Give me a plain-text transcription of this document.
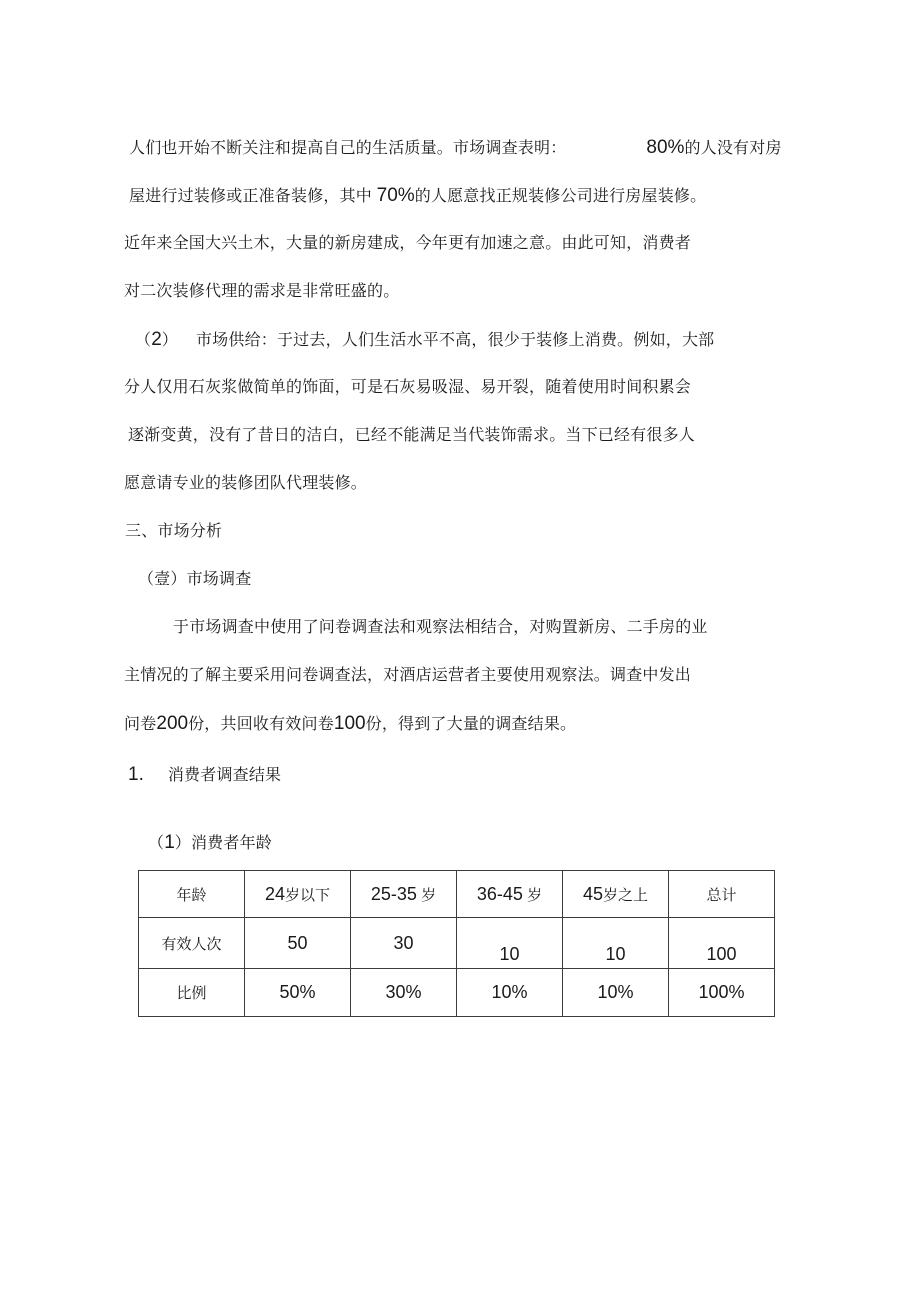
人们也开始不断关注和提高自己的生活质量。市场调查表明：	80%的人没有对房
屋进行过装修或正准备装修，其中 70%的人愿意找正规装修公司进行房屋装修。
近年来全国大兴土木，大量的新房建成，今年更有加速之意。由此可知，消费者
对二次装修代理的需求是非常旺盛的。
（2） 市场供给：于过去，人们生活水平不高，很少于装修上消费。例如，大部
分人仅用石灰浆做简单的饰面，可是石灰易吸湿、易开裂，随着使用时间积累会
逐渐变黄，没有了昔日的洁白，已经不能满足当代装饰需求。当下已经有很多人
愿意请专业的装修团队代理装修。
三、市场分析
（壹）市场调查
于市场调查中使用了问卷调查法和观察法相结合，对购置新房、二手房的业
主情况的了解主要采用问卷调查法，对酒店运营者主要使用观察法。调查中发出
问卷200份，共回收有效问卷100份，得到了大量的调查结果。
1. 消费者调查结果
（1）消费者年龄
年龄	24岁以下	25-35 岁	36-45 岁	45岁之上	总计
有效人次	50	30	10	10	100
比例	50%	30%	10%	10%	100%
